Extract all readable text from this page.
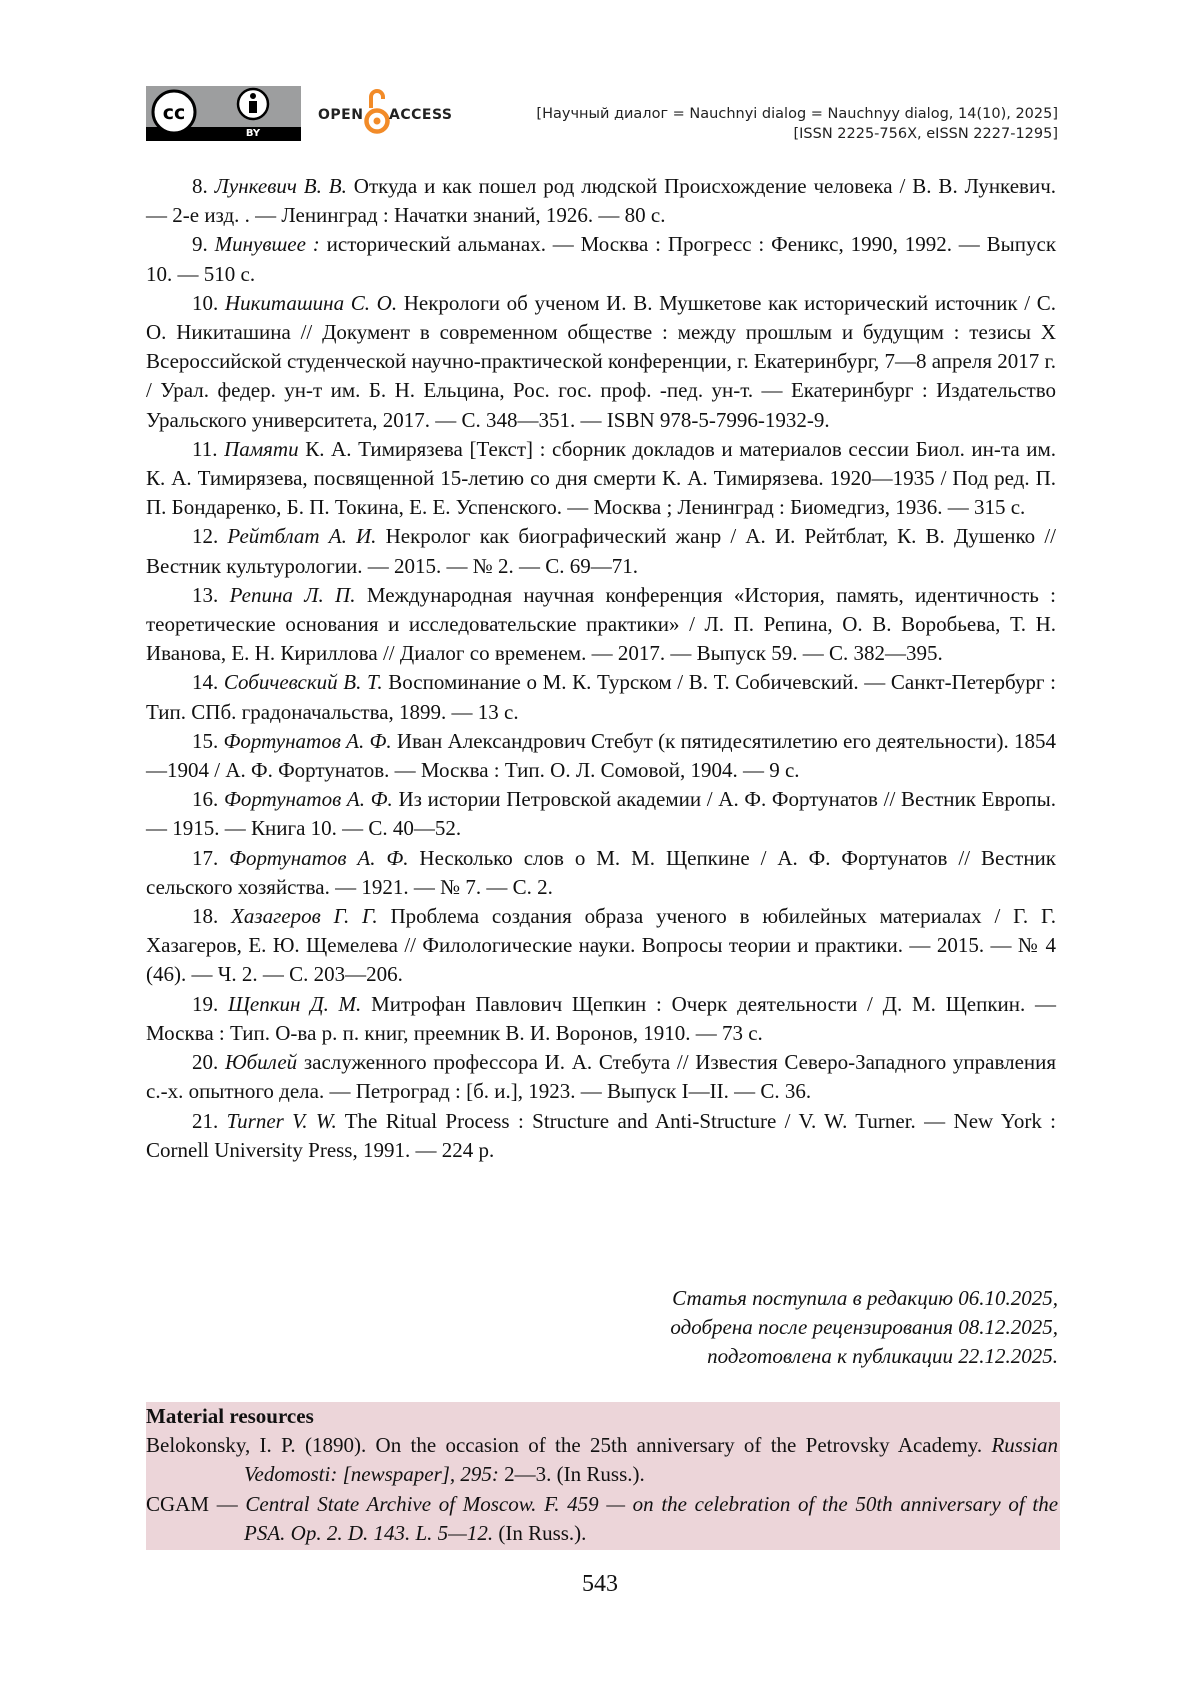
cc
BY
OPEN ACCESS	[Научный диалог = Nauchnyi dialog = Nauchnyy dialog, 14(10), 2025]
[ISSN 2225-756X, eISSN 2227-1295]

8. Лункевич В. В. Откуда и как пошел род людской Происхождение человека / В. В. Лункевич. — 2-е изд. . — Ленинград : Начатки знаний, 1926. — 80 с.

9. Минувшее : исторический альманах. — Москва : Прогресс : Феникс, 1990, 1992. — Выпуск 10. — 510 с.

10. Никиташина С. О. Некрологи об ученом И. В. Мушкетове как исторический источник / С. О. Никиташина // Документ в современном обществе : между прошлым и будущим : тезисы X Всероссийской студенческой научно-практической конференции, г. Екатеринбург, 7—8 апреля 2017 г. / Урал. федер. ун-т им. Б. Н. Ельцина, Рос. гос. проф. -пед. ун-т. — Екатеринбург : Издательство Уральского университета, 2017. — С. 348—351. — ISBN 978-5-7996-1932-9.

11. Памяти К. А. Тимирязева [Текст] : сборник докладов и материалов сессии Биол. ин-та им. К. А. Тимирязева, посвященной 15-летию со дня смерти К. А. Тимирязева. 1920—1935 / Под ред. П. П. Бондаренко, Б. П. Токина, Е. Е. Успенского. — Москва ; Ленинград : Биомедгиз, 1936. — 315 с.

12. Рейтблат А. И. Некролог как биографический жанр / А. И. Рейтблат, К. В. Душенко // Вестник культурологии. — 2015. — № 2. — С. 69—71.

13. Репина Л. П. Международная научная конференция «История, память, идентичность : теоретические основания и исследовательские практики» / Л. П. Репина, О. В. Воробьева, Т. Н. Иванова, Е. Н. Кириллова // Диалог со временем. — 2017. — Выпуск 59. — С. 382—395.

14. Собичевский В. Т. Воспоминание о М. К. Турском / В. Т. Собичевский. — Санкт-Петербург : Тип. СПб. градоначальства, 1899. — 13 с.

15. Фортунатов А. Ф. Иван Александрович Стебут (к пятидесятилетию его деятельности). 1854—1904 / А. Ф. Фортунатов. — Москва : Тип. О. Л. Сомовой, 1904. — 9 с.

16. Фортунатов А. Ф. Из истории Петровской академии / А. Ф. Фортунатов // Вестник Европы. — 1915. — Книга 10. — С. 40—52.

17. Фортунатов А. Ф. Несколько слов о М. М. Щепкине / А. Ф. Фортунатов // Вестник сельского хозяйства. — 1921. — № 7. — С. 2.

18. Хазагеров Г. Г. Проблема создания образа ученого в юбилейных материалах / Г. Г. Хазагеров, Е. Ю. Щемелева // Филологические науки. Вопросы теории и практики. — 2015. — № 4 (46). — Ч. 2. — С. 203—206.

19. Щепкин Д. М. Митрофан Павлович Щепкин : Очерк деятельности / Д. М. Щепкин. — Москва : Тип. О-ва р. п. книг, преемник В. И. Воронов, 1910. — 73 с.

20. Юбилей заслуженного профессора И. А. Стебута // Известия Северо-Западного управления с.-х. опытного дела. — Петроград : [б. и.], 1923. — Выпуск I—II. — С. 36.

21. Turner V. W. The Ritual Process : Structure and Anti-Structure / V. W. Turner. — New York : Cornell University Press, 1991. — 224 p.

Статья поступила в редакцию 06.10.2025,
одобрена после рецензирования 08.12.2025,
подготовлена к публикации 22.12.2025.

Material resources

Belokonsky, I. P. (1890). On the occasion of the 25th anniversary of the Petrovsky Academy. Russian Vedomosti: [newspaper], 295: 2—3. (In Russ.).

CGAM — Central State Archive of Moscow. F. 459 — on the celebration of the 50th anniversary of the PSA. Op. 2. D. 143. L. 5—12. (In Russ.).

543
